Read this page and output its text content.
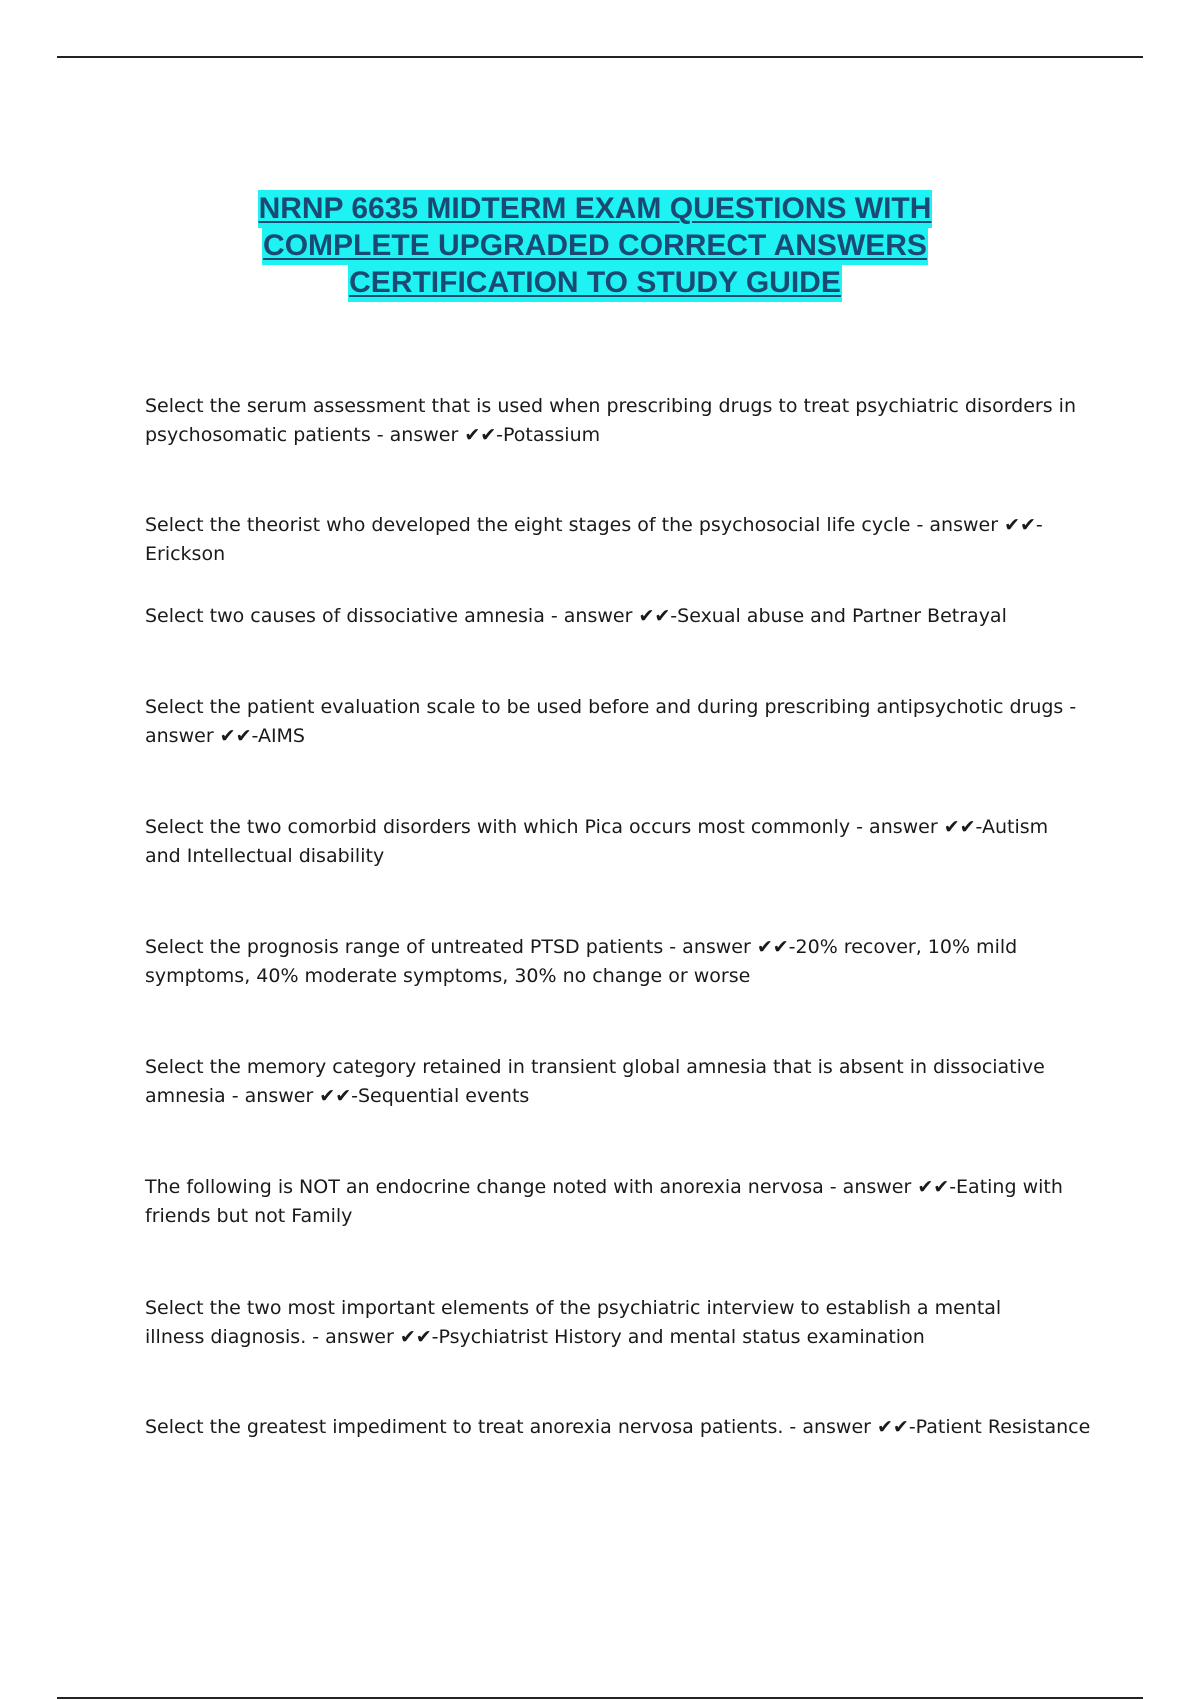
NRNP 6635 MIDTERM EXAM QUESTIONS WITH
COMPLETE UPGRADED CORRECT ANSWERS
CERTIFICATION TO STUDY GUIDE

Select the serum assessment that is used when prescribing drugs to treat psychiatric disorders in psychosomatic patients - answer ✔✔-Potassium

Select the theorist who developed the eight stages of the psychosocial life cycle - answer ✔✔-Erickson

Select two causes of dissociative amnesia - answer ✔✔-Sexual abuse and Partner Betrayal

Select the patient evaluation scale to be used before and during prescribing antipsychotic drugs - answer ✔✔-AIMS

Select the two comorbid disorders with which Pica occurs most commonly - answer ✔✔-Autism and Intellectual disability

Select the prognosis range of untreated PTSD patients - answer ✔✔-20% recover, 10% mild symptoms, 40% moderate symptoms, 30% no change or worse

Select the memory category retained in transient global amnesia that is absent in dissociative amnesia - answer ✔✔-Sequential events

The following is NOT an endocrine change noted with anorexia nervosa - answer ✔✔-Eating with friends but not Family

Select the two most important elements of the psychiatric interview to establish a mental illness diagnosis. - answer ✔✔-Psychiatrist History and mental status examination

Select the greatest impediment to treat anorexia nervosa patients. - answer ✔✔-Patient Resistance
